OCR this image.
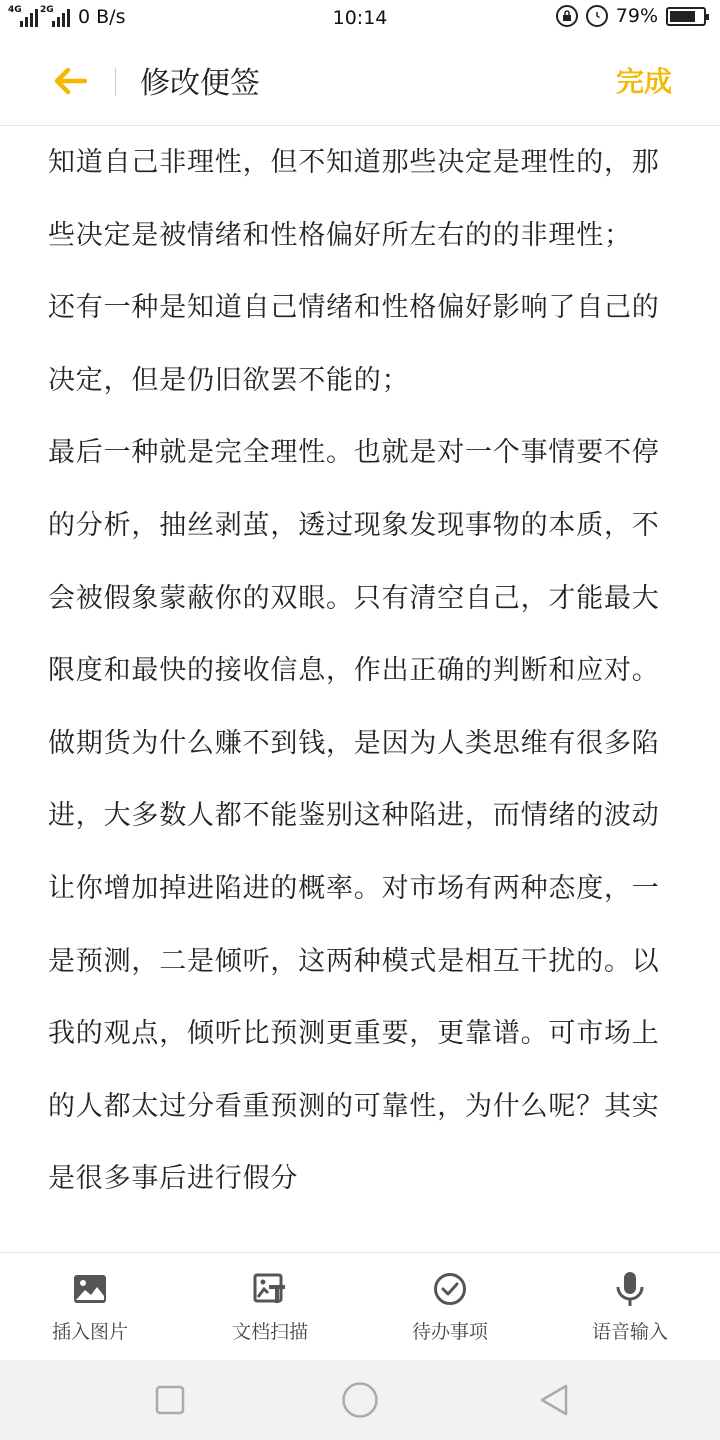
4G 2G 0 B/s	10:14	79%
修改便签	完成

知道自己非理性，但不知道那些决定是理性的，那些决定是被情绪和性格偏好所左右的的非理性；

还有一种是知道自己情绪和性格偏好影响了自己的决定，但是仍旧欲罢不能的；

最后一种就是完全理性。也就是对一个事情要不停的分析，抽丝剥茧，透过现象发现事物的本质，不会被假象蒙蔽你的双眼。只有清空自己，才能最大限度和最快的接收信息，作出正确的判断和应对。做期货为什么赚不到钱，是因为人类思维有很多陷进，大多数人都不能鉴别这种陷进，而情绪的波动让你增加掉进陷进的概率。对市场有两种态度，一是预测，二是倾听，这两种模式是相互干扰的。以我的观点，倾听比预测更重要，更靠谱。可市场上的人都太过分看重预测的可靠性，为什么呢？其实是很多事后进行假分

插入图片	文档扫描	待办事项	语音输入
